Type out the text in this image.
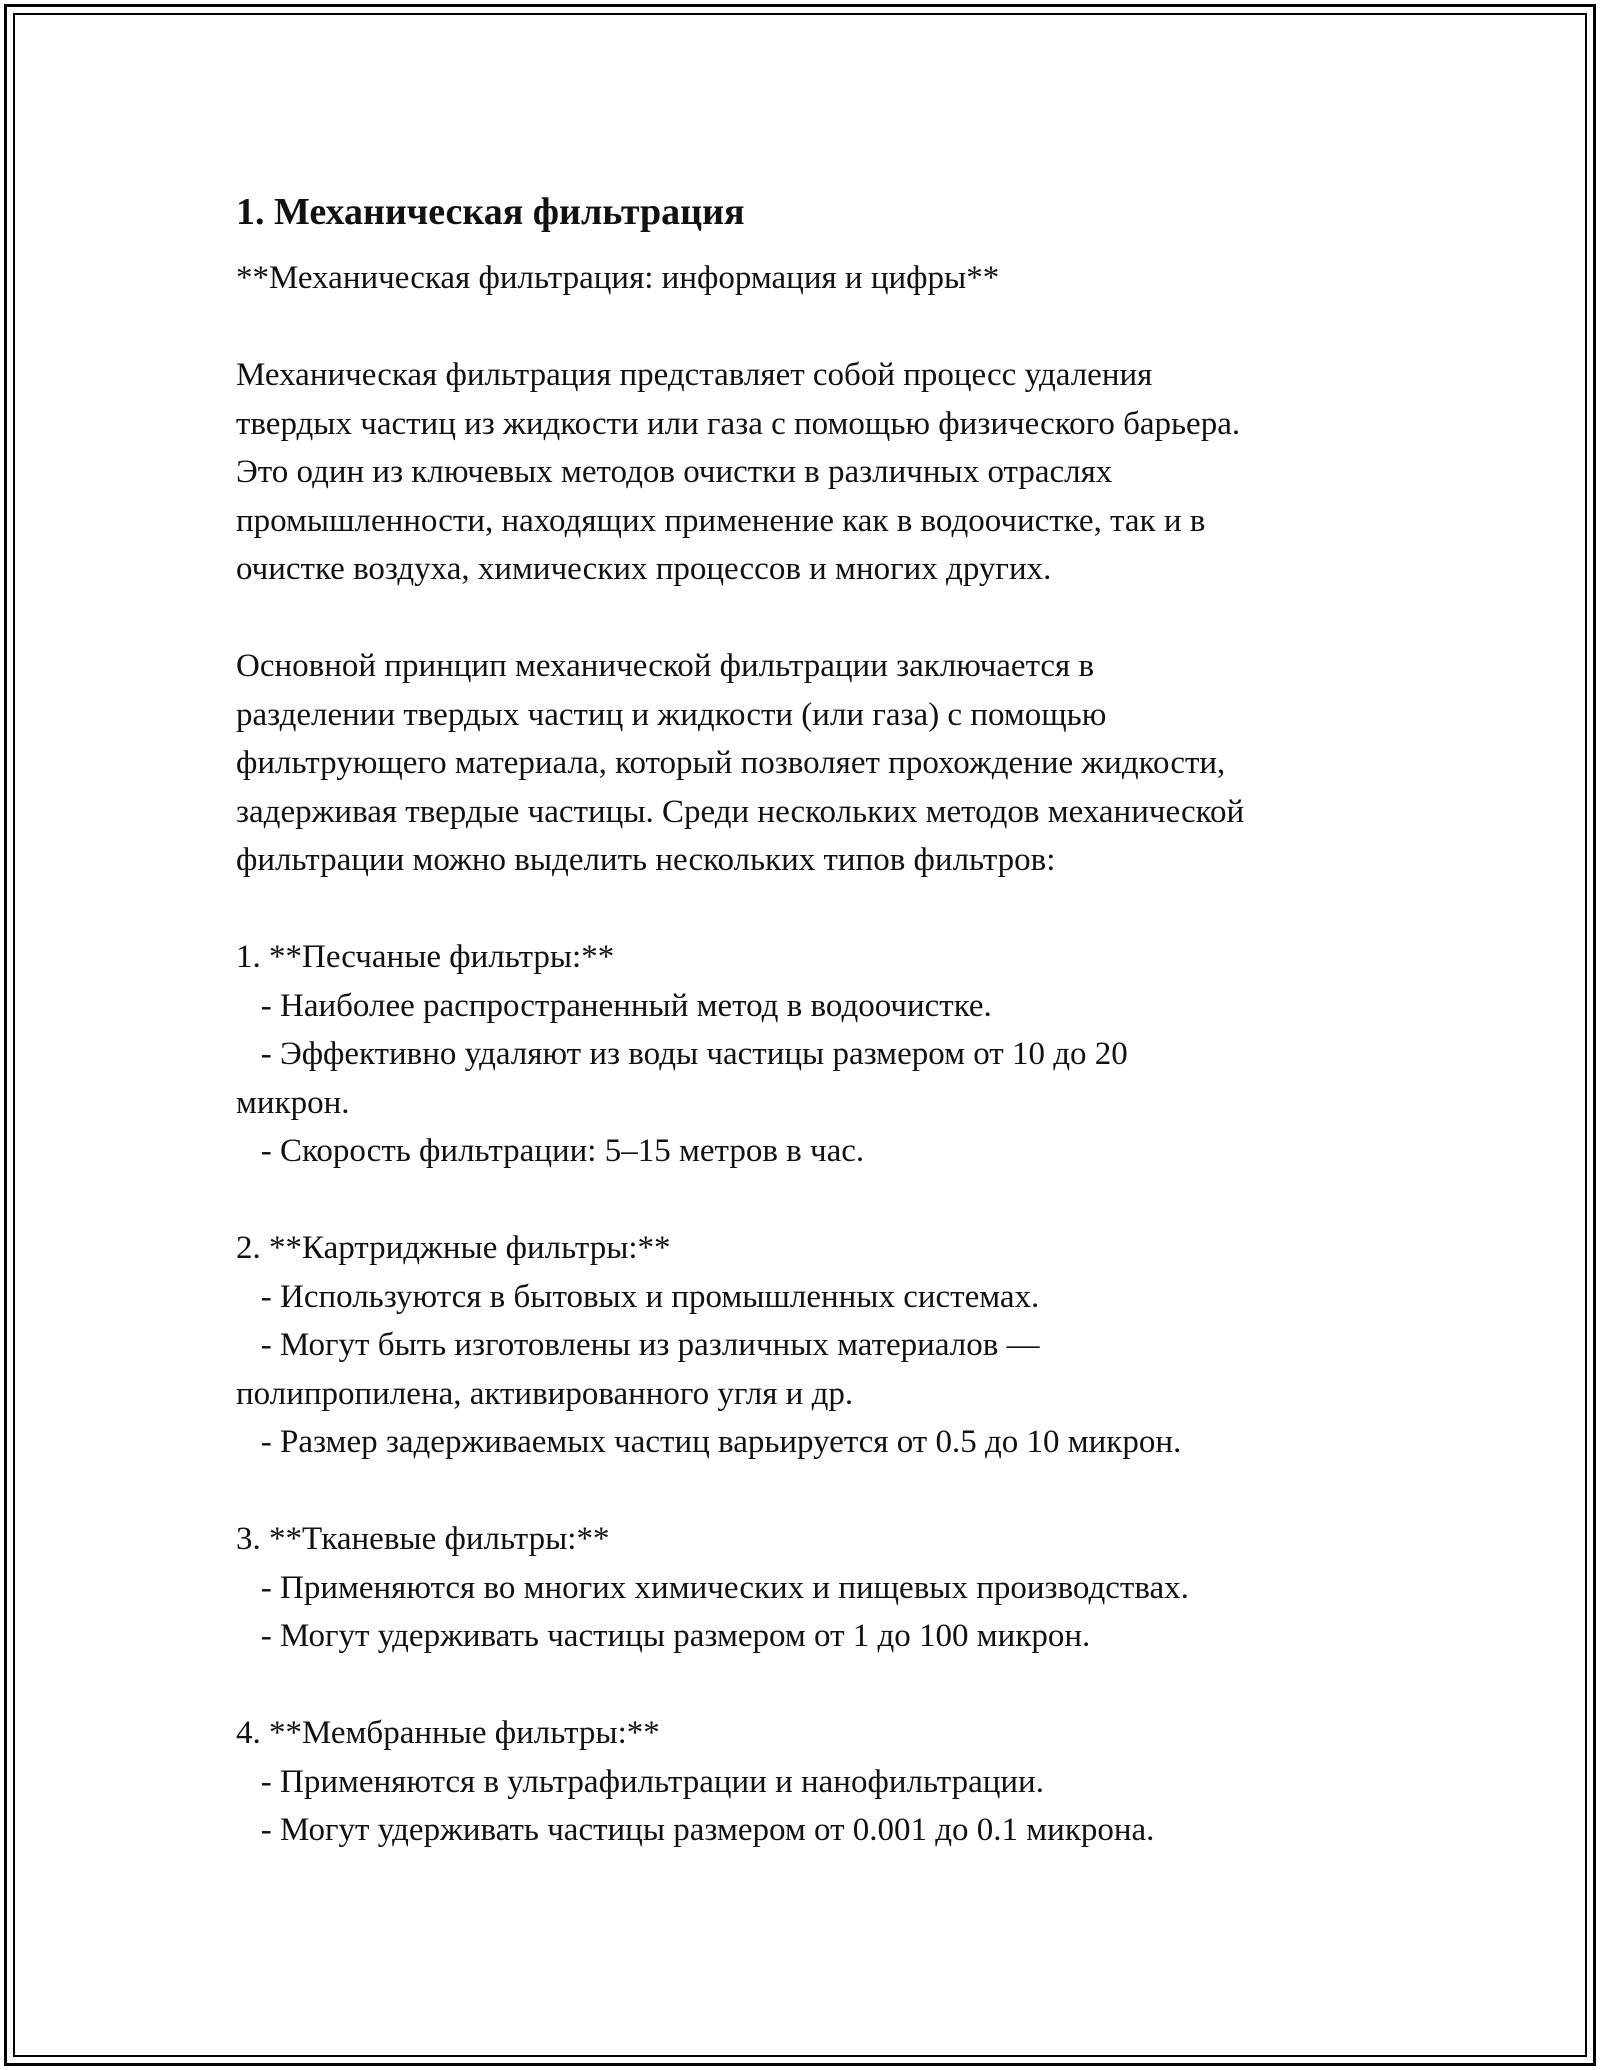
1. Механическая фильтрация

**Механическая фильтрация: информация и цифры**

Механическая фильтрация представляет собой процесс удаления

твердых частиц из жидкости или газа с помощью физического барьера.

Это один из ключевых методов очистки в различных отраслях

промышленности, находящих применение как в водоочистке, так и в

очистке воздуха, химических процессов и многих других.

Основной принцип механической фильтрации заключается в

разделении твердых частиц и жидкости (или газа) с помощью

фильтрующего материала, который позволяет прохождение жидкости,

задерживая твердые частицы. Среди нескольких методов механической

фильтрации можно выделить нескольких типов фильтров:

1. **Песчаные фильтры:**

- Наиболее распространенный метод в водоочистке.

- Эффективно удаляют из воды частицы размером от 10 до 20

микрон.

- Скорость фильтрации: 5–15 метров в час.

2. **Картриджные фильтры:**

- Используются в бытовых и промышленных системах.

- Могут быть изготовлены из различных материалов —

полипропилена, активированного угля и др.

- Размер задерживаемых частиц варьируется от 0.5 до 10 микрон.

3. **Тканевые фильтры:**

- Применяются во многих химических и пищевых производствах.

- Могут удерживать частицы размером от 1 до 100 микрон.

4. **Мембранные фильтры:**

- Применяются в ультрафильтрации и нанофильтрации.

- Могут удерживать частицы размером от 0.001 до 0.1 микрона.
